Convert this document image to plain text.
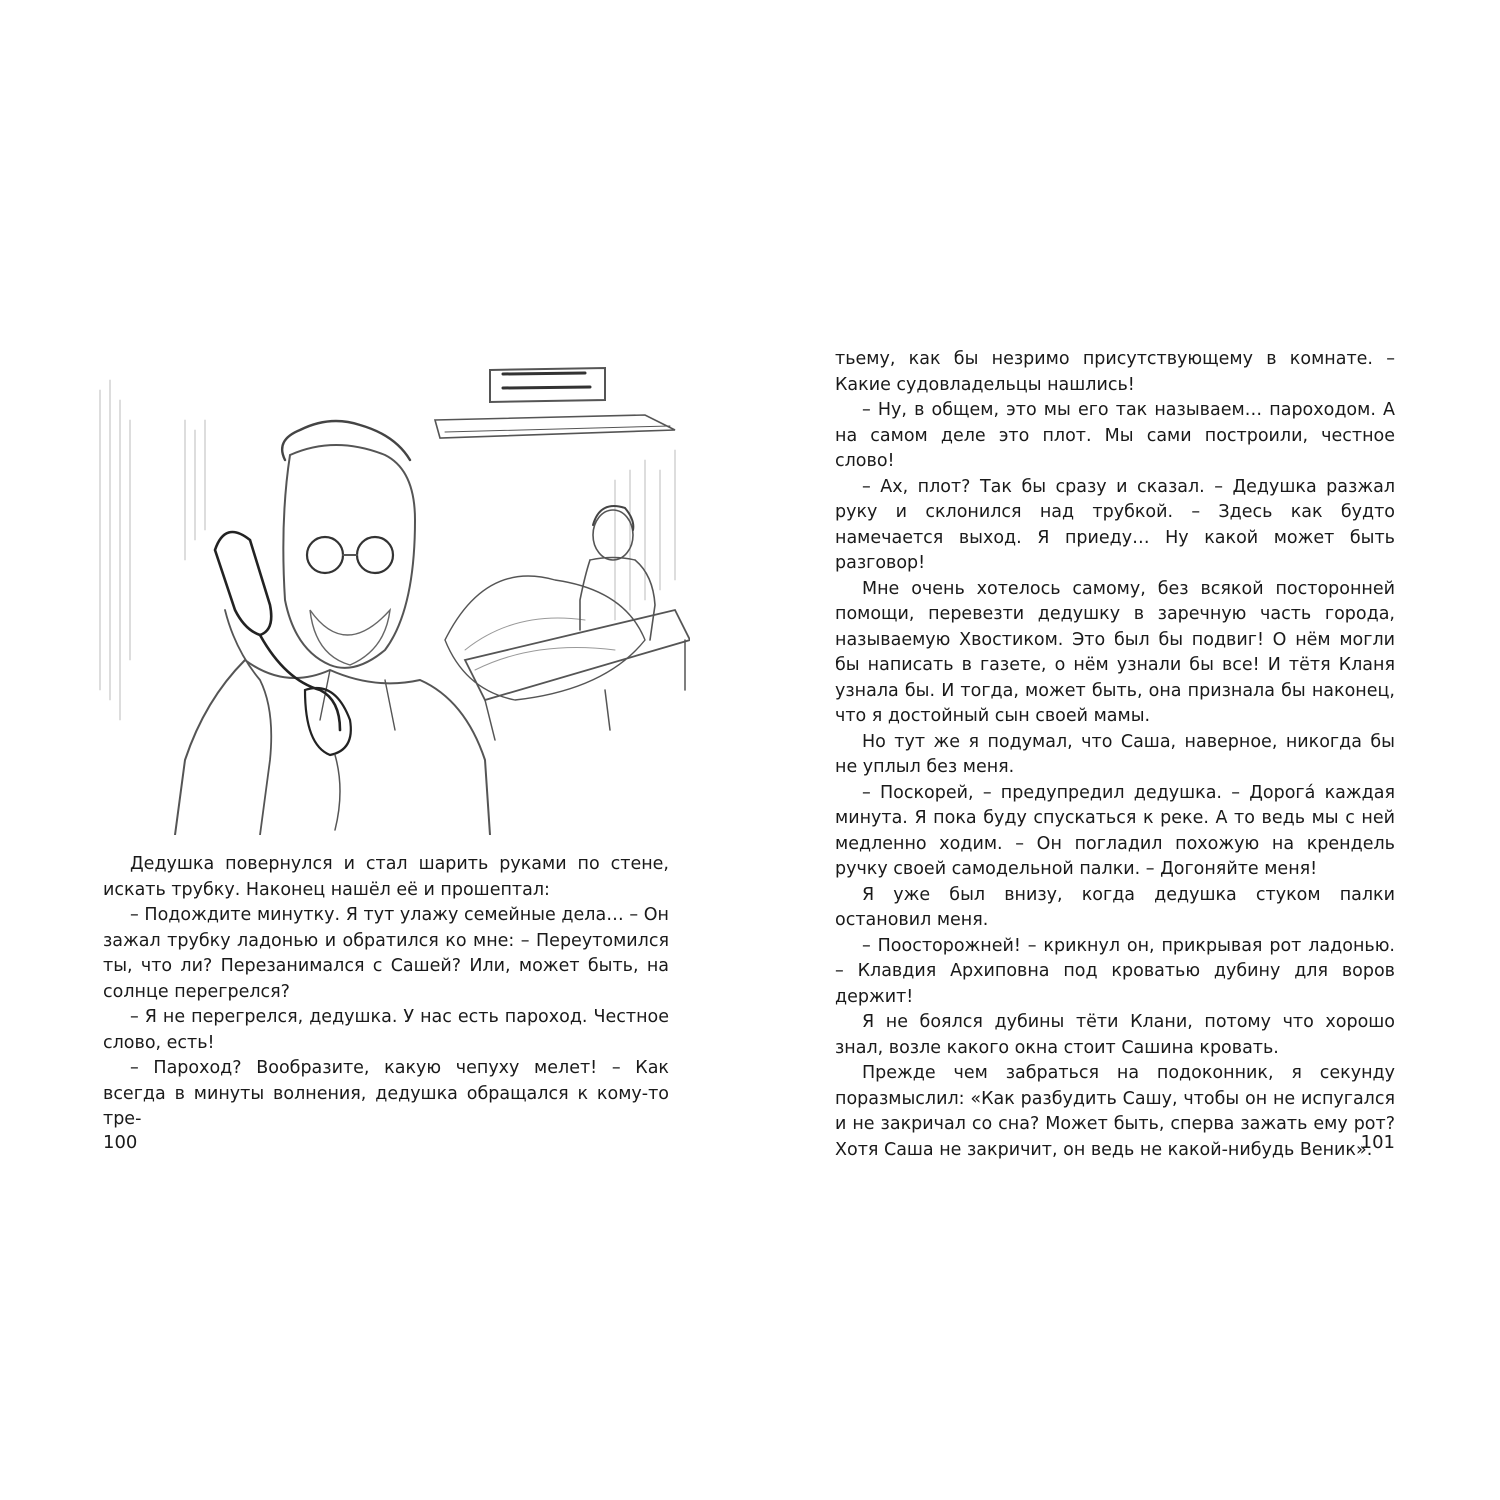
Дедушка повернулся и стал шарить руками по стене, искать трубку. Наконец нашёл её и прошептал:

– Подождите минутку. Я тут улажу семейные дела… – Он зажал трубку ладонью и обратился ко мне: – Переутомился ты, что ли? Перезанимался с Сашей? Или, может быть, на солнце перегрелся?

– Я не перегрелся, дедушка. У нас есть пароход. Честное слово, есть!

– Пароход? Вообразите, какую чепуху мелет! – Как всегда в минуты волнения, дедушка обращался к кому-то тре-

100

тьему, как бы незримо присутствующему в комнате. – Какие судовладельцы нашлись!

– Ну, в общем, это мы его так называем… пароходом. А на самом деле это плот. Мы сами построили, честное слово!

– Ах, плот? Так бы сразу и сказал. – Дедушка разжал руку и склонился над трубкой. – Здесь как будто намечается выход. Я приеду… Ну какой может быть разговор!

Мне очень хотелось самому, без всякой посторонней помощи, перевезти дедушку в заречную часть города, называемую Хвостиком. Это был бы подвиг! О нём могли бы написать в газете, о нём узнали бы все! И тётя Кланя узнала бы. И тогда, может быть, она признала бы наконец, что я достойный сын своей мамы.

Но тут же я подумал, что Саша, наверное, никогда бы не уплыл без меня.

– Поскорей, – предупредил дедушка. – Дорога́ каждая минута. Я пока буду спускаться к реке. А то ведь мы с ней медленно ходим. – Он погладил похожую на крендель ручку своей самодельной палки. – Догоняйте меня!

Я уже был внизу, когда дедушка стуком палки остановил меня.

– Поосторожней! – крикнул он, прикрывая рот ладонью. – Клавдия Архиповна под кроватью дубину для воров держит!

Я не боялся дубины тёти Клани, потому что хорошо знал, возле какого окна стоит Сашина кровать.

Прежде чем забраться на подоконник, я секунду поразмыслил: «Как разбудить Сашу, чтобы он не испугался и не закричал со сна? Может быть, сперва зажать ему рот? Хотя Саша не закричит, он ведь не какой-нибудь Веник».

101
